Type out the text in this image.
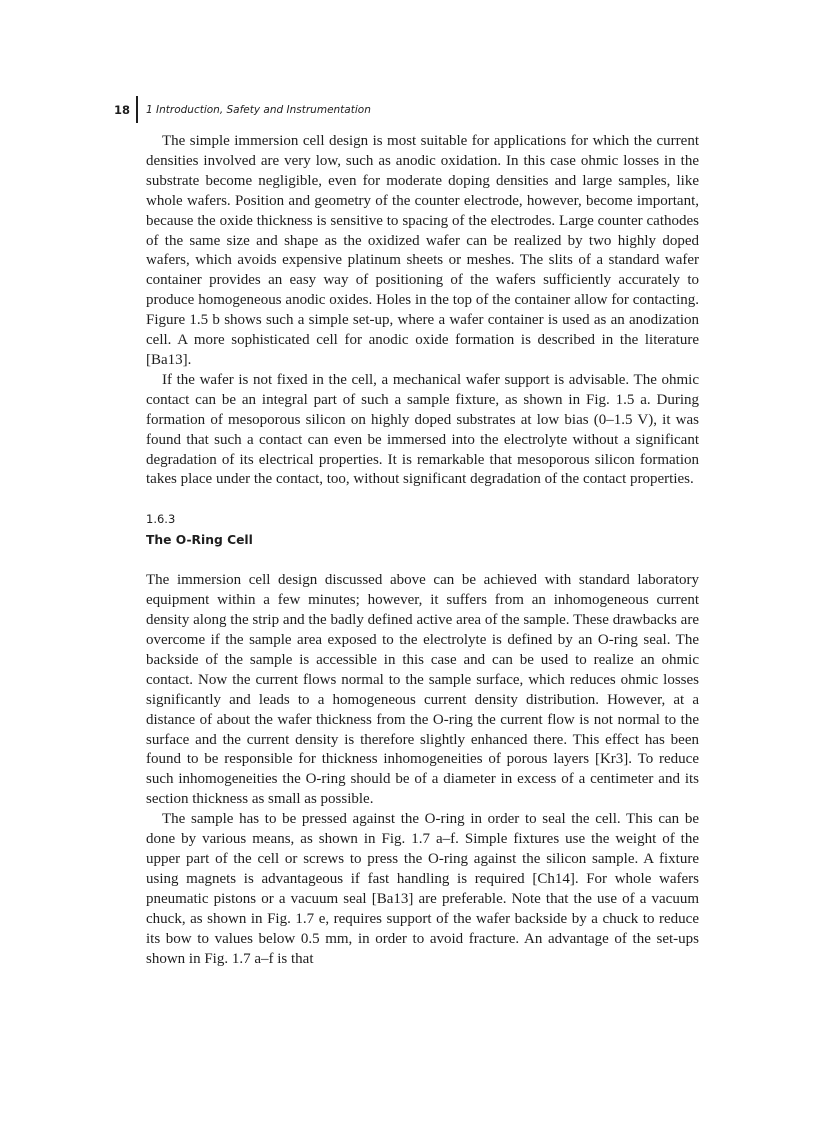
18 1 Introduction, Safety and Instrumentation

The simple immersion cell design is most suitable for applications for which the current densities involved are very low, such as anodic oxidation. In this case ohmic losses in the substrate become negligible, even for moderate doping densities and large samples, like whole wafers. Position and geometry of the counter electrode, however, become important, because the oxide thickness is sensitive to spacing of the electrodes. Large counter cathodes of the same size and shape as the oxidized wafer can be realized by two highly doped wafers, which avoids expensive platinum sheets or meshes. The slits of a standard wafer container provides an easy way of positioning of the wafers sufficiently accurately to produce homogeneous anodic oxides. Holes in the top of the container allow for contacting. Figure 1.5 b shows such a simple set-up, where a wafer container is used as an anodization cell. A more sophisticated cell for anodic oxide formation is described in the literature [Ba13].

If the wafer is not fixed in the cell, a mechanical wafer support is advisable. The ohmic contact can be an integral part of such a sample fixture, as shown in Fig. 1.5 a. During formation of mesoporous silicon on highly doped substrates at low bias (0–1.5 V), it was found that such a contact can even be immersed into the electrolyte without a significant degradation of its electrical properties. It is remarkable that mesoporous silicon formation takes place under the contact, too, without significant degradation of the contact properties.

1.6.3
The O-Ring Cell

The immersion cell design discussed above can be achieved with standard laboratory equipment within a few minutes; however, it suffers from an inhomogeneous current density along the strip and the badly defined active area of the sample. These drawbacks are overcome if the sample area exposed to the electrolyte is defined by an O-ring seal. The backside of the sample is accessible in this case and can be used to realize an ohmic contact. Now the current flows normal to the sample surface, which reduces ohmic losses significantly and leads to a homogeneous current density distribution. However, at a distance of about the wafer thickness from the O-ring the current flow is not normal to the surface and the current density is therefore slightly enhanced there. This effect has been found to be responsible for thickness inhomogeneities of porous layers [Kr3]. To reduce such inhomogeneities the O-ring should be of a diameter in excess of a centimeter and its section thickness as small as possible.

The sample has to be pressed against the O-ring in order to seal the cell. This can be done by various means, as shown in Fig. 1.7 a–f. Simple fixtures use the weight of the upper part of the cell or screws to press the O-ring against the silicon sample. A fixture using magnets is advantageous if fast handling is required [Ch14]. For whole wafers pneumatic pistons or a vacuum seal [Ba13] are preferable. Note that the use of a vacuum chuck, as shown in Fig. 1.7 e, requires support of the wafer backside by a chuck to reduce its bow to values below 0.5 mm, in order to avoid fracture. An advantage of the set-ups shown in Fig. 1.7 a–f is that
